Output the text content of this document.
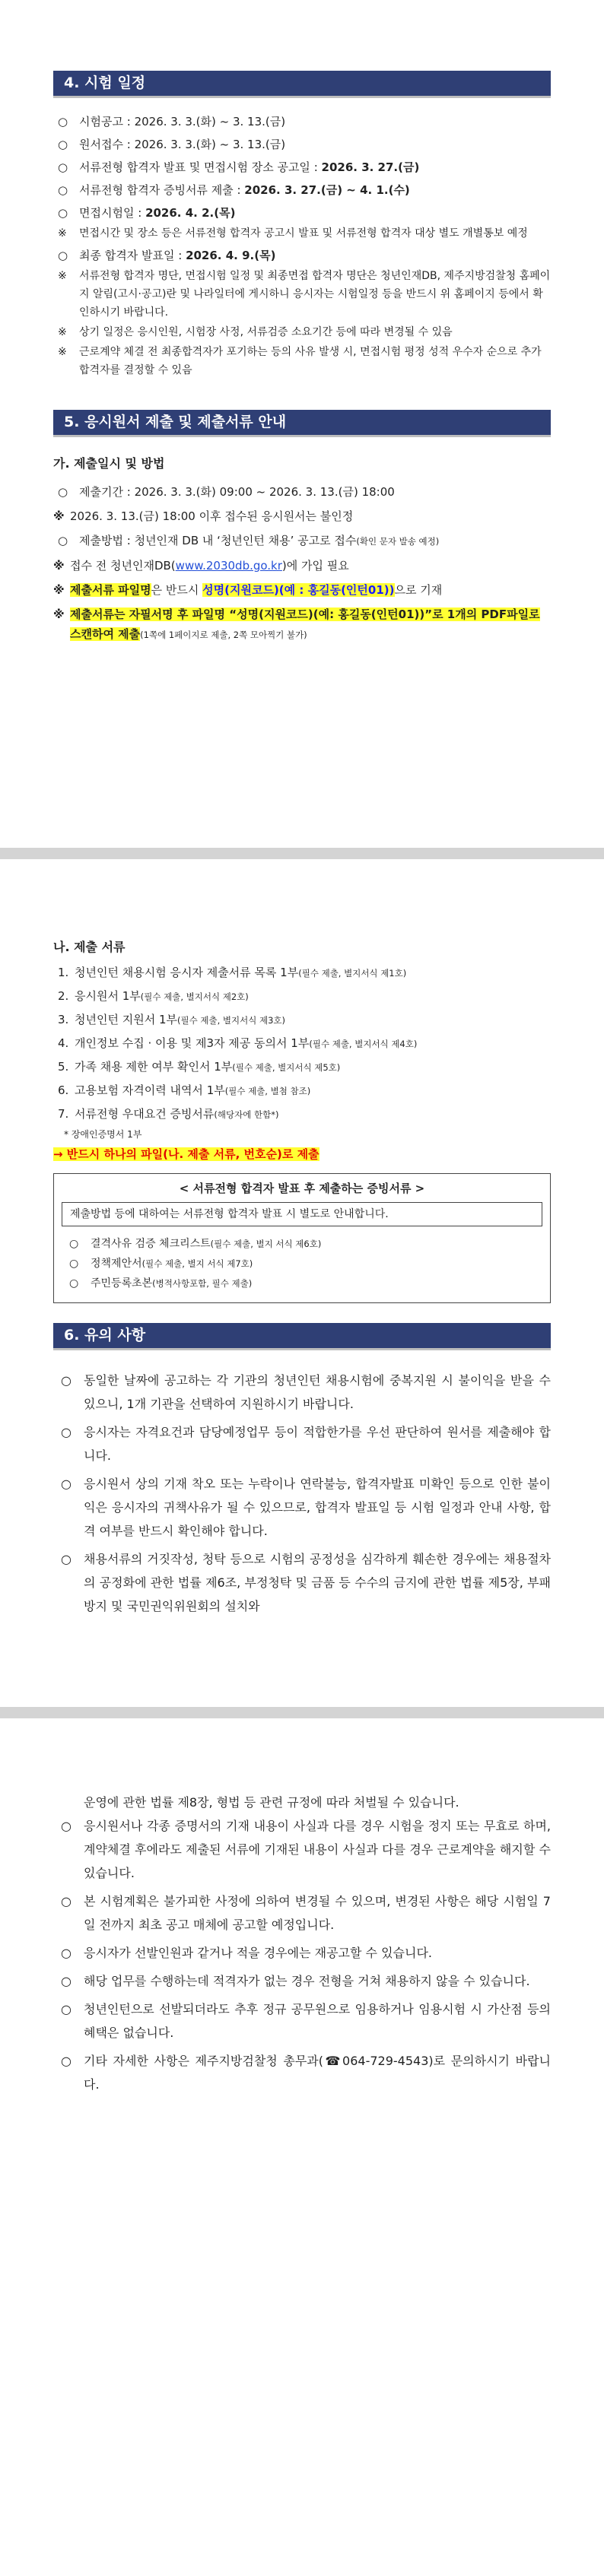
4. 시험 일정
○ 시험공고 : 2026. 3. 3.(화) ~ 3. 13.(금)
○ 원서접수 : 2026. 3. 3.(화) ~ 3. 13.(금)
○ 서류전형 합격자 발표 및 면접시험 장소 공고일 : 2026. 3. 27.(금)
○ 서류전형 합격자 증빙서류 제출 : 2026. 3. 27.(금) ~ 4. 1.(수)
○ 면접시험일 : 2026. 4. 2.(목)
※ 면접시간 및 장소 등은 서류전형 합격자 공고시 발표 및 서류전형 합격자 대상 별도 개별통보 예정
○ 최종 합격자 발표일 : 2026. 4. 9.(목)
※ 서류전형 합격자 명단, 면접시험 일정 및 최종면접 합격자 명단은 청년인재DB, 제주지방검찰청 홈페이지 알림(고시·공고)란 및 나라일터에 게시하니 응시자는 시험일정 등을 반드시 위 홈페이지 등에서 확인하시기 바랍니다.
※ 상기 일정은 응시인원, 시험장 사정, 서류검증 소요기간 등에 따라 변경될 수 있음
※ 근로계약 체결 전 최종합격자가 포기하는 등의 사유 발생 시, 면접시험 평정 성적 우수자 순으로 추가 합격자를 결정할 수 있음
5. 응시원서 제출 및 제출서류 안내
가. 제출일시 및 방법
○ 제출기간 : 2026. 3. 3.(화) 09:00 ~ 2026. 3. 13.(금) 18:00
※ 2026. 3. 13.(금) 18:00 이후 접수된 응시원서는 불인정
○ 제출방법 : 청년인재 DB 내 ‘청년인턴 채용’ 공고로 접수(확인 문자 발송 예정)
※ 접수 전 청년인재DB(www.2030db.go.kr)에 가입 필요
※ 제출서류 파일명은 반드시 성명(지원코드)(예 : 홍길동(인턴01))으로 기재
※ 제출서류는 자필서명 후 파일명 “성명(지원코드)(예: 홍길동(인턴01))”로 1개의 PDF파일로 스캔하여 제출(1쪽에 1페이지로 제출, 2쪽 모아찍기 불가)
나. 제출 서류
1. 청년인턴 채용시험 응시자 제출서류 목록 1부(필수 제출, 별지서식 제1호)
2. 응시원서 1부(필수 제출, 별지서식 제2호)
3. 청년인턴 지원서 1부(필수 제출, 별지서식 제3호)
4. 개인정보 수집 · 이용 및 제3자 제공 동의서 1부(필수 제출, 별지서식 제4호)
5. 가족 채용 제한 여부 확인서 1부(필수 제출, 별지서식 제5호)
6. 고용보험 자격이력 내역서 1부(필수 제출, 별첨 참조)
7. 서류전형 우대요건 증빙서류(해당자에 한함*)
* 장애인증명서 1부
→ 반드시 하나의 파일(나. 제출 서류, 번호순)로 제출
< 서류전형 합격자 발표 후 제출하는 증빙서류 >
제출방법 등에 대하여는 서류전형 합격자 발표 시 별도로 안내합니다.
○ 결격사유 검증 체크리스트(필수 제출, 별지 서식 제6호)
○ 정책제안서(필수 제출, 별지 서식 제7호)
○ 주민등록초본(병적사항포함, 필수 제출)
6. 유의 사항
○ 동일한 날짜에 공고하는 각 기관의 청년인턴 채용시험에 중복지원 시 불이익을 받을 수 있으니, 1개 기관을 선택하여 지원하시기 바랍니다.
○ 응시자는 자격요건과 담당예정업무 등이 적합한가를 우선 판단하여 원서를 제출해야 합니다.
○ 응시원서 상의 기재 착오 또는 누락이나 연락불능, 합격자발표 미확인 등으로 인한 불이익은 응시자의 귀책사유가 될 수 있으므로, 합격자 발표일 등 시험 일정과 안내 사항, 합격 여부를 반드시 확인해야 합니다.
○ 채용서류의 거짓작성, 청탁 등으로 시험의 공정성을 심각하게 훼손한 경우에는 채용절차의 공정화에 관한 법률 제6조, 부정청탁 및 금품 등 수수의 금지에 관한 법률 제5장, 부패방지 및 국민권익위원회의 설치와
운영에 관한 법률 제8장, 형법 등 관련 규정에 따라 처벌될 수 있습니다.
○ 응시원서나 각종 증명서의 기재 내용이 사실과 다를 경우 시험을 정지 또는 무효로 하며, 계약체결 후에라도 제출된 서류에 기재된 내용이 사실과 다를 경우 근로계약을 해지할 수 있습니다.
○ 본 시험계획은 불가피한 사정에 의하여 변경될 수 있으며, 변경된 사항은 해당 시험일 7일 전까지 최초 공고 매체에 공고할 예정입니다.
○ 응시자가 선발인원과 같거나 적을 경우에는 재공고할 수 있습니다.
○ 해당 업무를 수행하는데 적격자가 없는 경우 전형을 거쳐 채용하지 않을 수 있습니다.
○ 청년인턴으로 선발되더라도 추후 정규 공무원으로 임용하거나 임용시험 시 가산점 등의 혜택은 없습니다.
○ 기타 자세한 사항은 제주지방검찰청 총무과(☎064-729-4543)로 문의하시기 바랍니다.
